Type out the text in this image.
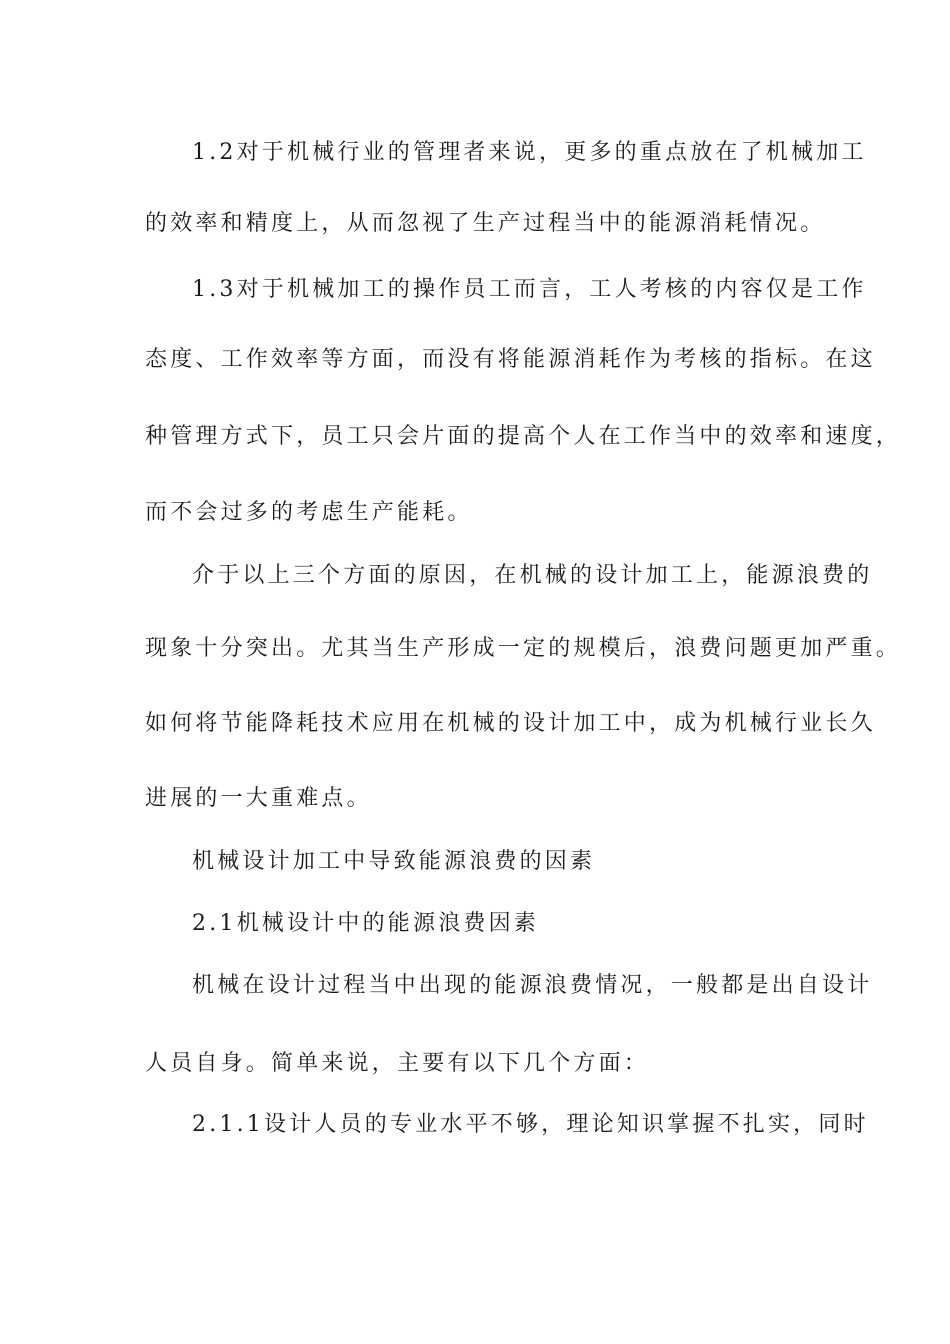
1.2对于机械行业的管理者来说，更多的重点放在了机械加工
的效率和精度上，从而忽视了生产过程当中的能源消耗情况。
1.3对于机械加工的操作员工而言，工人考核的内容仅是工作
态度、工作效率等方面，而没有将能源消耗作为考核的指标。在这
种管理方式下，员工只会片面的提高个人在工作当中的效率和速度，
而不会过多的考虑生产能耗。
介于以上三个方面的原因，在机械的设计加工上，能源浪费的
现象十分突出。尤其当生产形成一定的规模后，浪费问题更加严重。
如何将节能降耗技术应用在机械的设计加工中，成为机械行业长久
进展的一大重难点。
机械设计加工中导致能源浪费的因素
2.1机械设计中的能源浪费因素
机械在设计过程当中出现的能源浪费情况，一般都是出自设计
人员自身。简单来说，主要有以下几个方面：
2.1.1设计人员的专业水平不够，理论知识掌握不扎实，同时
